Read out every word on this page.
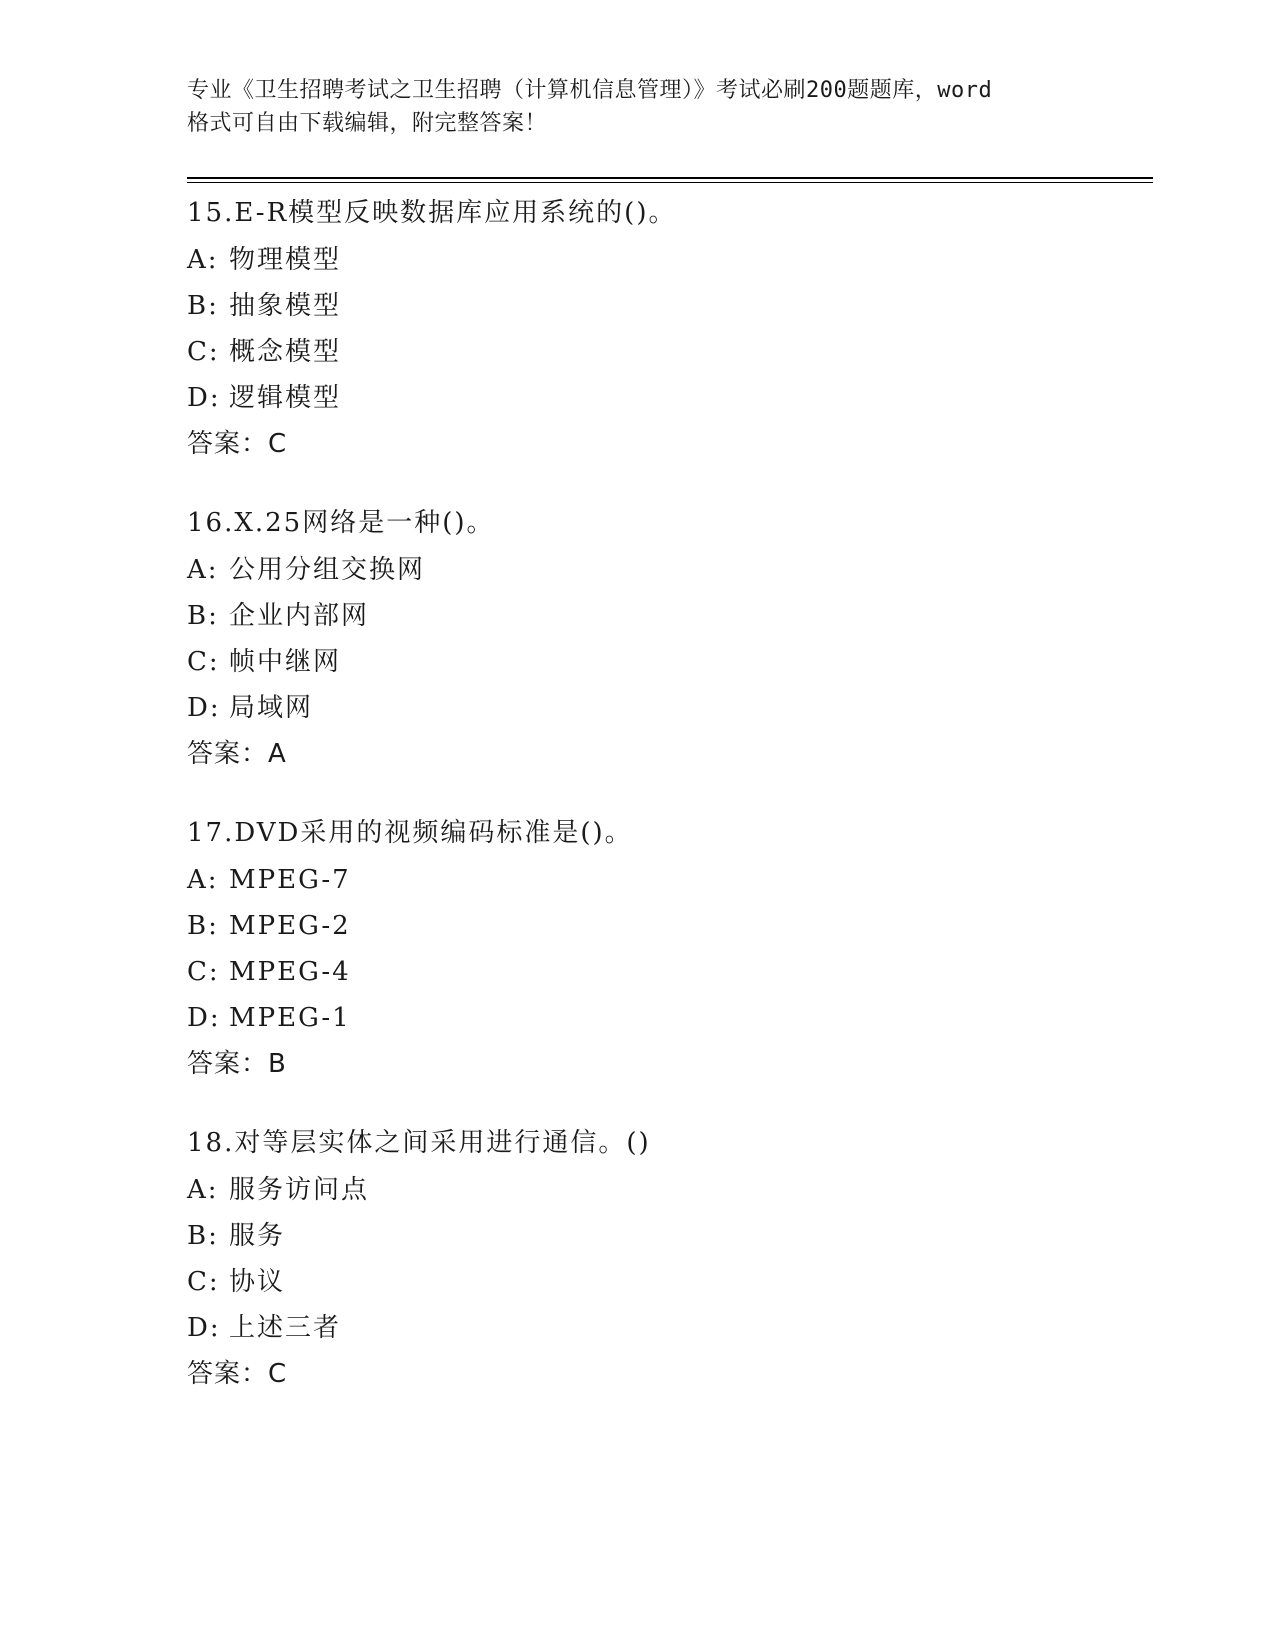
专业《卫生招聘考试之卫生招聘（计算机信息管理）》考试必刷200题题库，word
格式可自由下载编辑，附完整答案！
15.E-R模型反映数据库应用系统的()。
A: 物理模型
B: 抽象模型
C: 概念模型
D: 逻辑模型
答案：C
16.X.25网络是一种()。
A: 公用分组交换网
B: 企业内部网
C: 帧中继网
D: 局域网
答案：A
17.DVD采用的视频编码标准是()。
A: MPEG-7
B: MPEG-2
C: MPEG-4
D: MPEG-1
答案：B
18.对等层实体之间采用进行通信。()
A: 服务访问点
B: 服务
C: 协议
D: 上述三者
答案：C
